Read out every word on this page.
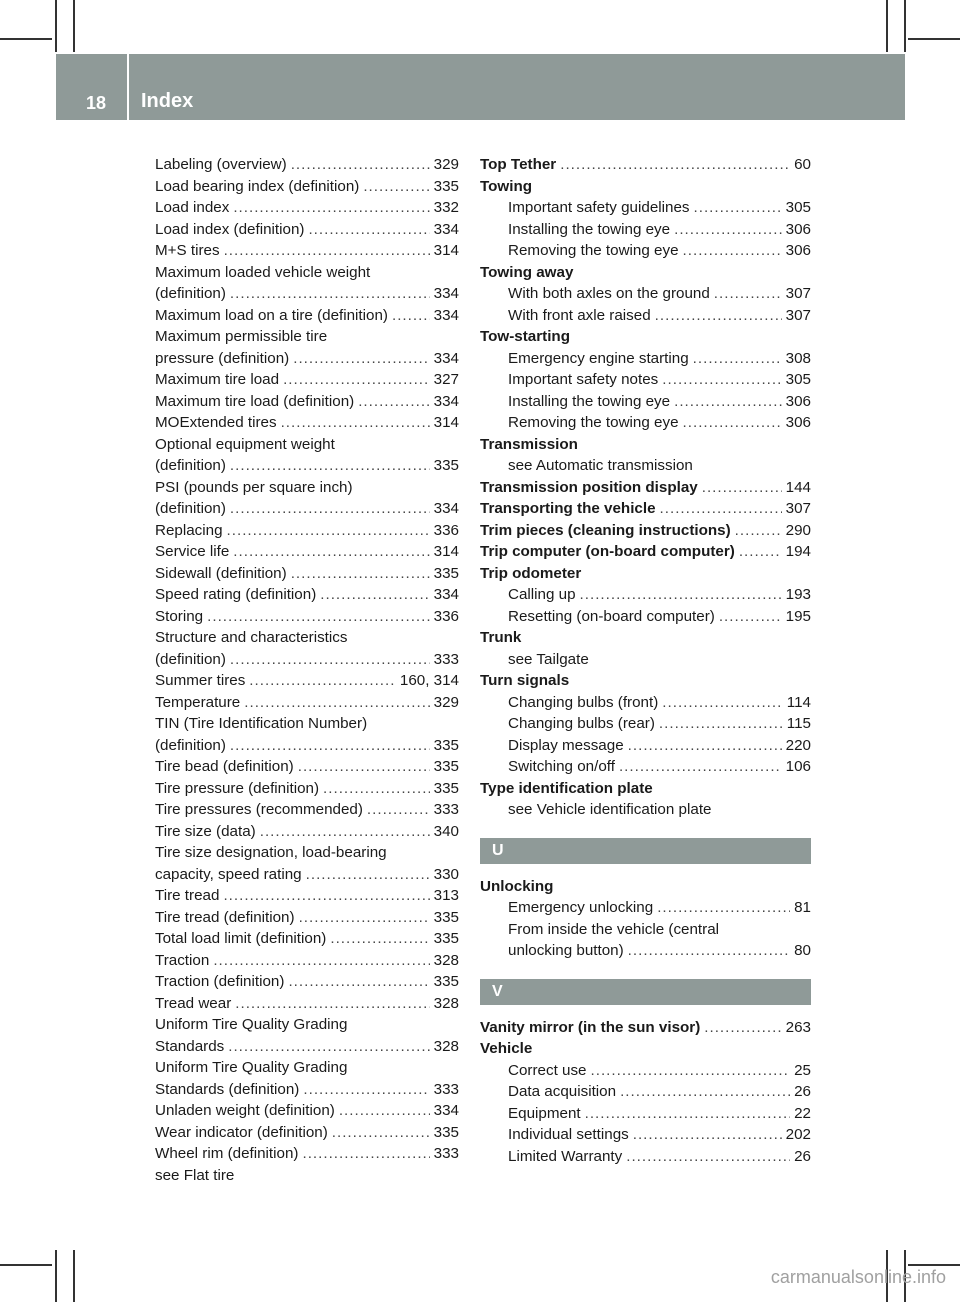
18 Index
Labeling (overview) .....	329
Load bearing index (definition) .....	335
Load index .....	332
Load index (definition) .....	334
M+S tires .....	314
Maximum loaded vehicle weight
(definition) .....	334
Maximum load on a tire (definition) .....	334
Maximum permissible tire
pressure (definition) .....	334
Maximum tire load .....	327
Maximum tire load (definition) .....	334
MOExtended tires .....	314
Optional equipment weight
(definition) .....	335
PSI (pounds per square inch)
(definition) .....	334
Replacing .....	336
Service life .....	314
Sidewall (definition) .....	335
Speed rating (definition) .....	334
Storing .....	336
Structure and characteristics
(definition) .....	333
Summer tires .....	160, 314
Temperature .....	329
TIN (Tire Identification Number)
(definition) .....	335
Tire bead (definition) .....	335
Tire pressure (definition) .....	335
Tire pressures (recommended) .....	333
Tire size (data) .....	340
Tire size designation, load-bearing
capacity, speed rating .....	330
Tire tread .....	313
Tire tread (definition) .....	335
Total load limit (definition) .....	335
Traction .....	328
Traction (definition) .....	335
Tread wear .....	328
Uniform Tire Quality Grading
Standards .....	328
Uniform Tire Quality Grading
Standards (definition) .....	333
Unladen weight (definition) .....	334
Wear indicator (definition) .....	335
Wheel rim (definition) .....	333
see Flat tire
Top Tether .....	60
Towing
Important safety guidelines .....	305
Installing the towing eye .....	306
Removing the towing eye .....	306
Towing away
With both axles on the ground .....	307
With front axle raised .....	307
Tow-starting
Emergency engine starting .....	308
Important safety notes .....	305
Installing the towing eye .....	306
Removing the towing eye .....	306
Transmission
see Automatic transmission
Transmission position display .....	144
Transporting the vehicle .....	307
Trim pieces (cleaning instructions) .....	290
Trip computer (on-board computer) .....	194
Trip odometer
Calling up .....	193
Resetting (on-board computer) .....	195
Trunk
see Tailgate
Turn signals
Changing bulbs (front) .....	114
Changing bulbs (rear) .....	115
Display message .....	220
Switching on/off .....	106
Type identification plate
see Vehicle identification plate
U
Unlocking
Emergency unlocking .....	81
From inside the vehicle (central
unlocking button) .....	80
V
Vanity mirror (in the sun visor) .....	263
Vehicle
Correct use .....	25
Data acquisition .....	26
Equipment .....	22
Individual settings .....	202
Limited Warranty .....	26
carmanualsonline.info
